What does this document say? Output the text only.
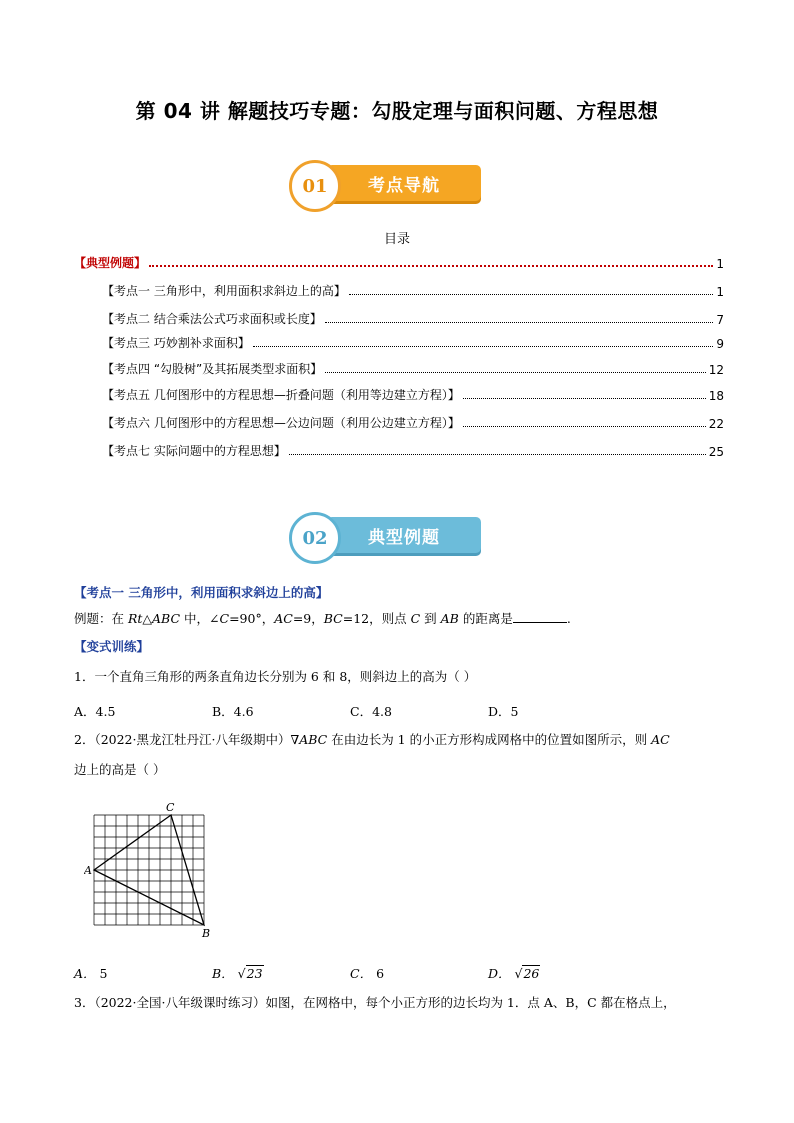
第 04 讲 解题技巧专题：勾股定理与面积问题、方程思想
01	考点导航
目录
【典型例题】	1
【考点一 三角形中，利用面积求斜边上的高】	1
【考点二 结合乘法公式巧求面积或长度】	7
【考点三 巧妙割补求面积】	9
【考点四 “勾股树”及其拓展类型求面积】	12
【考点五 几何图形中的方程思想—折叠问题（利用等边建立方程）】	18
【考点六 几何图形中的方程思想—公边问题（利用公边建立方程）】	22
【考点七 实际问题中的方程思想】	25
02	典型例题
【考点一 三角形中，利用面积求斜边上的高】
例题：在 Rt△ABC 中，∠C=90°，AC=9，BC=12，则点 C 到 AB 的距离是	.
【变式训练】
1．一个直角三角形的两条直角边长分别为 6 和 8，则斜边上的高为（ ）
A．4.5	B．4.6	C．4.8	D．5
2．（2022·黑龙江牡丹江·八年级期中）∇ABC 在由边长为 1 的小正方形构成网格中的位置如图所示，则 AC
边上的高是（ ）
A
C
B
A． 5	B． √23	C． 6	D． √26
3．（2022·全国·八年级课时练习）如图，在网格中，每个小正方形的边长均为 1．点 A、B，C 都在格点上，
